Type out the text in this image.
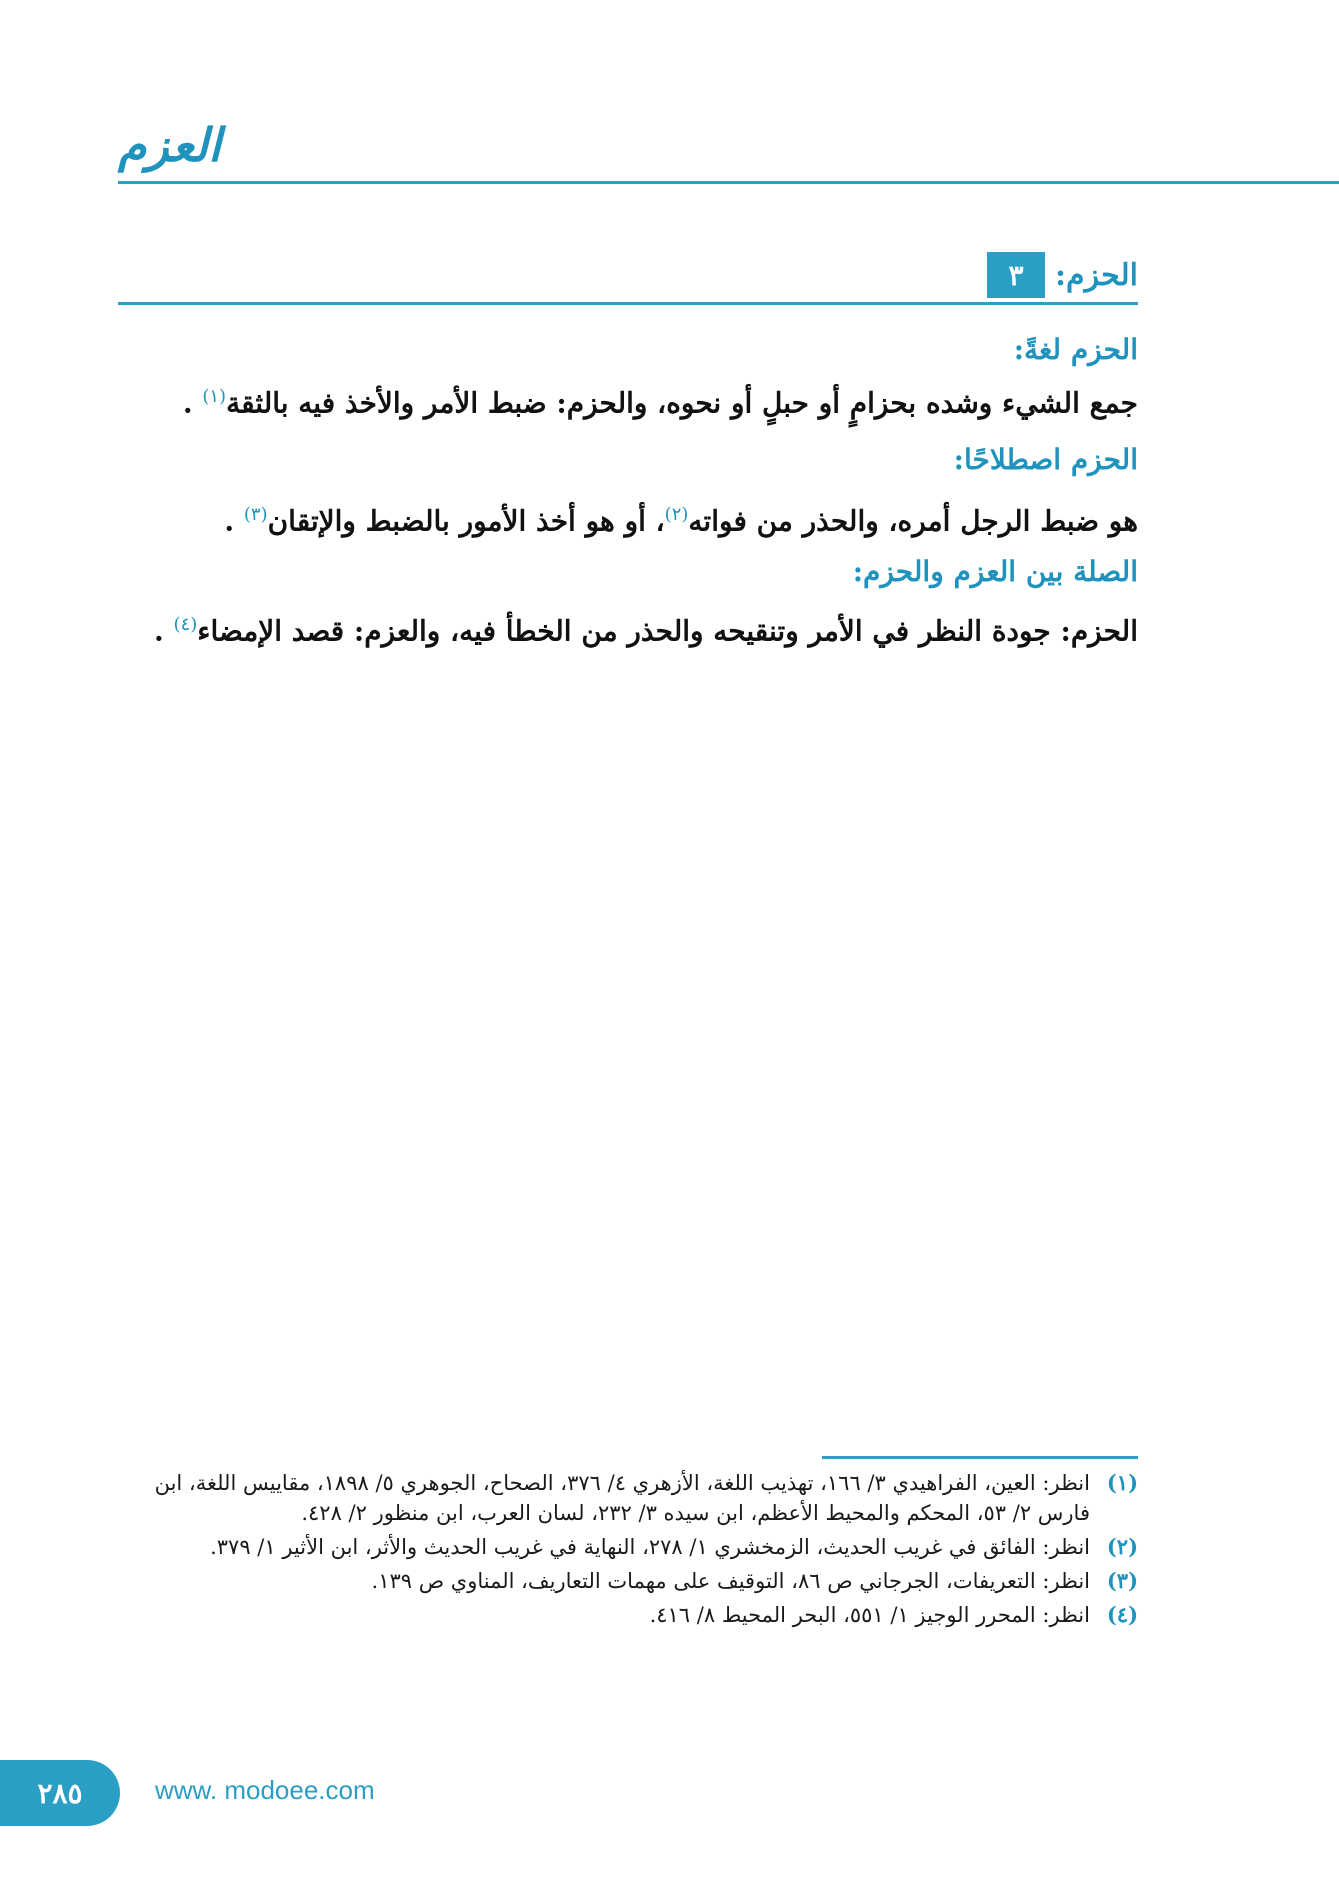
العزم
٣	الحزم:
الحزم لغةً:
جمع الشيء وشده بحزامٍ أو حبلٍ أو نحوه، والحزم: ضبط الأمر والأخذ فيه بالثقة$^{(١)}$ .
الحزم اصطلاحًا:
هو ضبط الرجل أمره، والحذر من فواته$^{(٢)}$، أو هو أخذ الأمور بالضبط والإتقان$^{(٣)}$ .
الصلة بين العزم والحزم:
الحزم: جودة النظر في الأمر وتنقيحه والحذر من الخطأ فيه، والعزم: قصد الإمضاء$^{(٤)}$ .
(١)
انظر: العين، الفراهيدي ٣/ ١٦٦، تهذيب اللغة، الأزهري ٤/ ٣٧٦، الصحاح، الجوهري ٥/ ١٨٩٨، مقاييس اللغة، ابن فارس ٢/ ٥٣، المحكم والمحيط الأعظم، ابن سيده ٣/ ٢٣٢، لسان العرب، ابن منظور ٢/ ٤٢٨.
(٢)
انظر: الفائق في غريب الحديث، الزمخشري ١/ ٢٧٨، النهاية في غريب الحديث والأثر، ابن الأثير ١/ ٣٧٩.
(٣)
انظر: التعريفات، الجرجاني ص ٨٦، التوقيف على مهمات التعاريف، المناوي ص ١٣٩.
(٤)
انظر: المحرر الوجيز ١/ ٥٥١، البحر المحيط ٨/ ٤١٦.
٢٨٥	www. modoee.com
